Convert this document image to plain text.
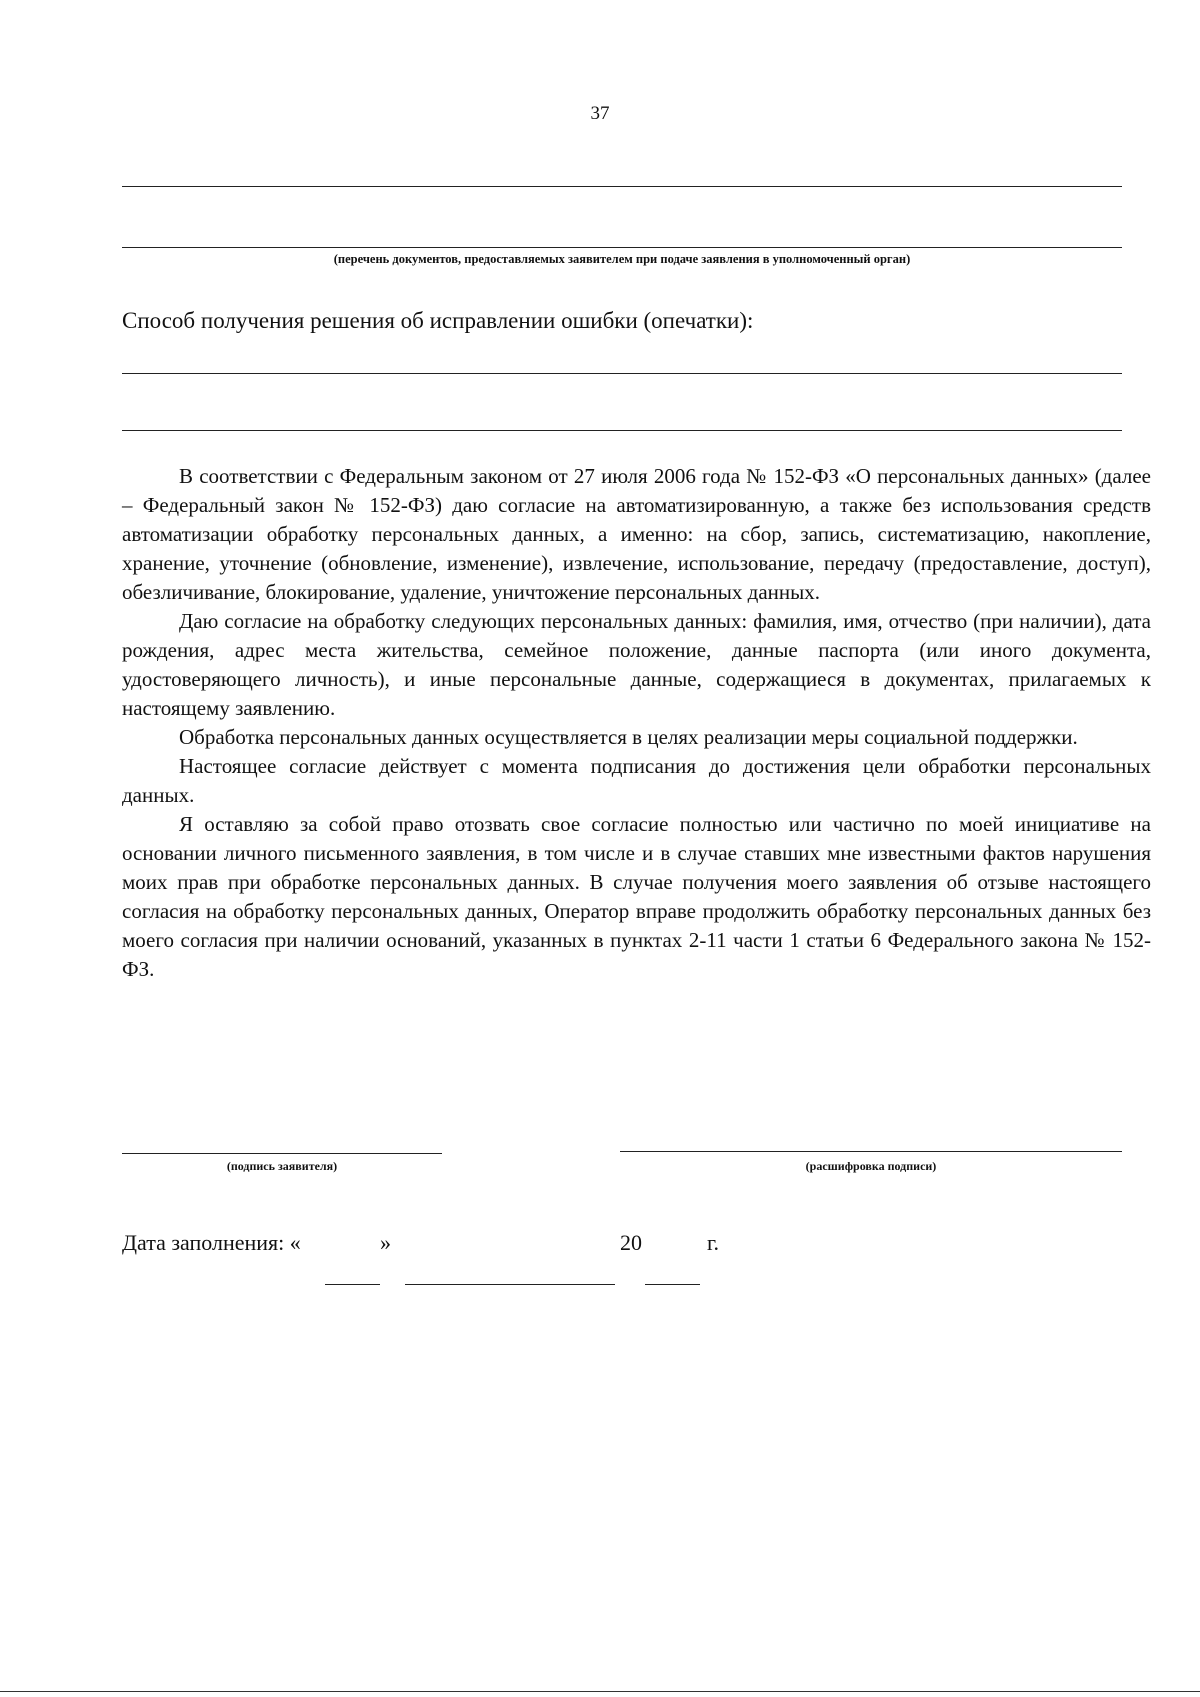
37
(перечень документов, предоставляемых заявителем при подаче заявления в уполномоченный орган)
Способ получения решения об исправлении ошибки (опечатки):

В соответствии с Федеральным законом от 27 июля 2006 года № 152-ФЗ «О персональных данных» (далее – Федеральный закон № 152-ФЗ) даю согласие на автоматизированную, а также без использования средств автоматизации обработку персональных данных, а именно: на сбор, запись, систематизацию, накопление, хранение, уточнение (обновление, изменение), извлечение, использование, передачу (предоставление, доступ), обезличивание, блокирование, удаление, уничтожение персональных данных.

Даю согласие на обработку следующих персональных данных: фамилия, имя, отчество (при наличии), дата рождения, адрес места жительства, семейное положение, данные паспорта (или иного документа, удостоверяющего личность), и иные персональные данные, содержащиеся в документах, прилагаемых к настоящему заявлению.

Обработка персональных данных осуществляется в целях реализации меры социальной поддержки.

Настоящее согласие действует с момента подписания до достижения цели обработки персональных данных.

Я оставляю за собой право отозвать свое согласие полностью или частично по моей инициативе на основании личного письменного заявления, в том числе и в случае ставших мне известными фактов нарушения моих прав при обработке персональных данных. В случае получения моего заявления об отзыве настоящего согласия на обработку персональных данных, Оператор вправе продолжить обработку персональных данных без моего согласия при наличии оснований, указанных в пунктах 2-11 части 1 статьи 6 Федерального закона № 152-ФЗ.

(подпись заявителя)	(расшифровка подписи)
Дата заполнения: «	»	20	г.
